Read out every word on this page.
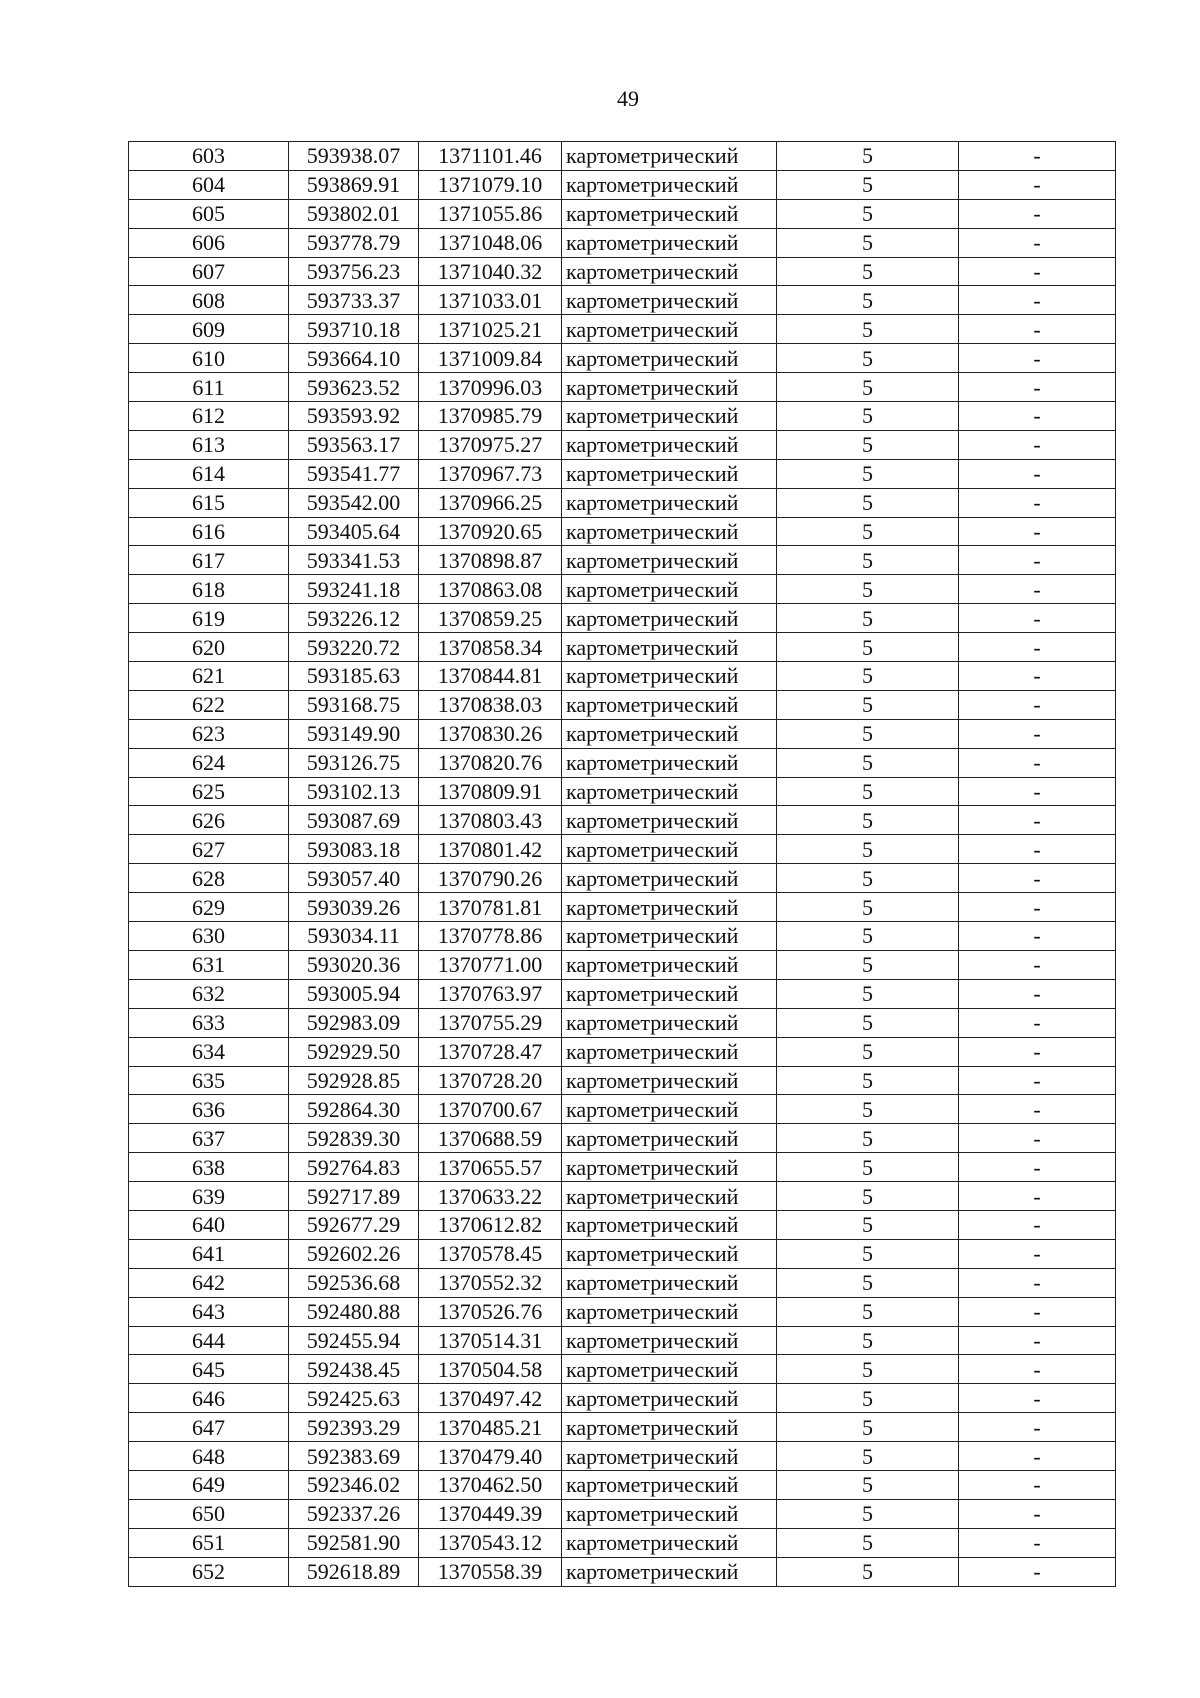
49
603	593938.07	1371101.46	картометрический	5	-
604	593869.91	1371079.10	картометрический	5	-
605	593802.01	1371055.86	картометрический	5	-
606	593778.79	1371048.06	картометрический	5	-
607	593756.23	1371040.32	картометрический	5	-
608	593733.37	1371033.01	картометрический	5	-
609	593710.18	1371025.21	картометрический	5	-
610	593664.10	1371009.84	картометрический	5	-
611	593623.52	1370996.03	картометрический	5	-
612	593593.92	1370985.79	картометрический	5	-
613	593563.17	1370975.27	картометрический	5	-
614	593541.77	1370967.73	картометрический	5	-
615	593542.00	1370966.25	картометрический	5	-
616	593405.64	1370920.65	картометрический	5	-
617	593341.53	1370898.87	картометрический	5	-
618	593241.18	1370863.08	картометрический	5	-
619	593226.12	1370859.25	картометрический	5	-
620	593220.72	1370858.34	картометрический	5	-
621	593185.63	1370844.81	картометрический	5	-
622	593168.75	1370838.03	картометрический	5	-
623	593149.90	1370830.26	картометрический	5	-
624	593126.75	1370820.76	картометрический	5	-
625	593102.13	1370809.91	картометрический	5	-
626	593087.69	1370803.43	картометрический	5	-
627	593083.18	1370801.42	картометрический	5	-
628	593057.40	1370790.26	картометрический	5	-
629	593039.26	1370781.81	картометрический	5	-
630	593034.11	1370778.86	картометрический	5	-
631	593020.36	1370771.00	картометрический	5	-
632	593005.94	1370763.97	картометрический	5	-
633	592983.09	1370755.29	картометрический	5	-
634	592929.50	1370728.47	картометрический	5	-
635	592928.85	1370728.20	картометрический	5	-
636	592864.30	1370700.67	картометрический	5	-
637	592839.30	1370688.59	картометрический	5	-
638	592764.83	1370655.57	картометрический	5	-
639	592717.89	1370633.22	картометрический	5	-
640	592677.29	1370612.82	картометрический	5	-
641	592602.26	1370578.45	картометрический	5	-
642	592536.68	1370552.32	картометрический	5	-
643	592480.88	1370526.76	картометрический	5	-
644	592455.94	1370514.31	картометрический	5	-
645	592438.45	1370504.58	картометрический	5	-
646	592425.63	1370497.42	картометрический	5	-
647	592393.29	1370485.21	картометрический	5	-
648	592383.69	1370479.40	картометрический	5	-
649	592346.02	1370462.50	картометрический	5	-
650	592337.26	1370449.39	картометрический	5	-
651	592581.90	1370543.12	картометрический	5	-
652	592618.89	1370558.39	картометрический	5	-
